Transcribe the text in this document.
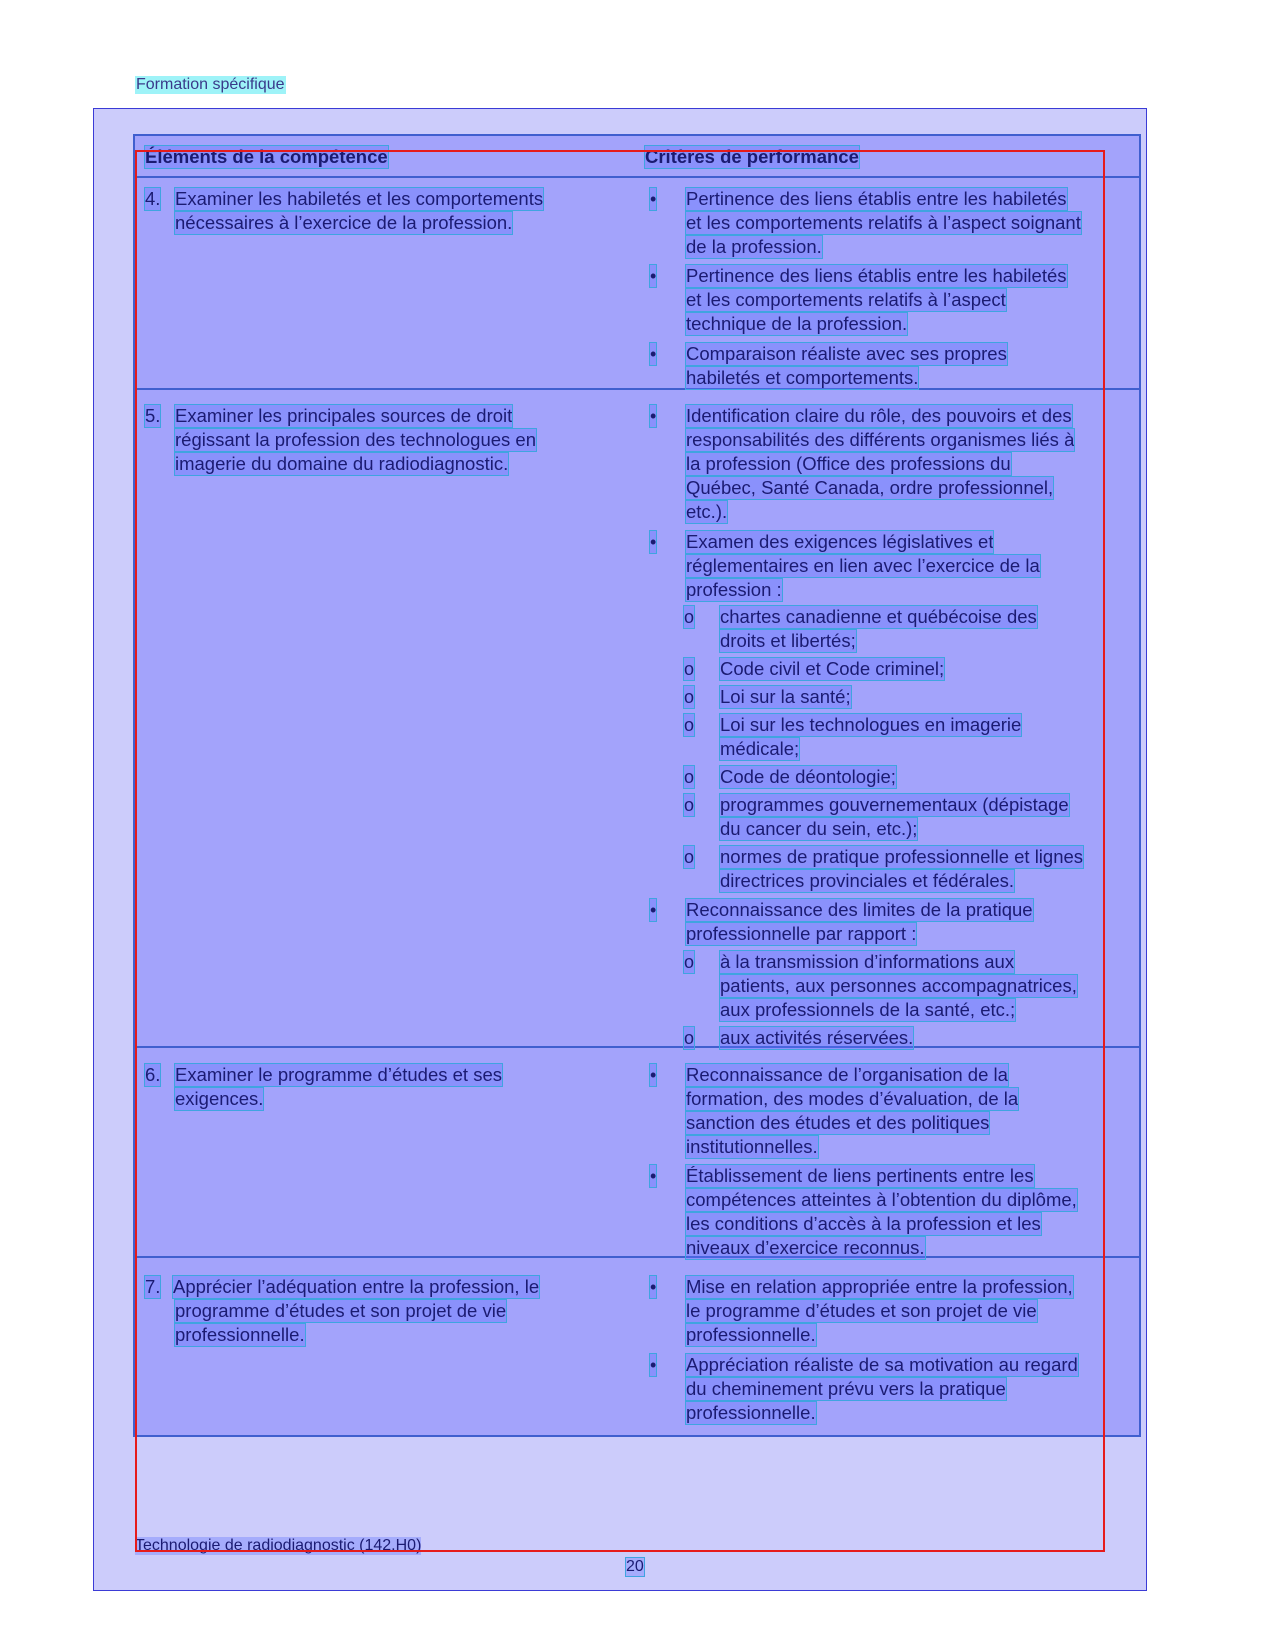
Formation spécifique
Éléments de la compétence	Critères de performance
4. Examiner les habiletés et les comportements
nécessaires à l’exercice de la profession.
• Pertinence des liens établis entre les habiletés
et les comportements relatifs à l’aspect soignant
de la profession.
• Pertinence des liens établis entre les habiletés
et les comportements relatifs à l’aspect
technique de la profession.
• Comparaison réaliste avec ses propres
habiletés et comportements.
5. Examiner les principales sources de droit
régissant la profession des technologues en
imagerie du domaine du radiodiagnostic.
• Identification claire du rôle, des pouvoirs et des
responsabilités des différents organismes liés à
la profession (Office des professions du
Québec, Santé Canada, ordre professionnel,
etc.).
• Examen des exigences législatives et
réglementaires en lien avec l’exercice de la
profession :
o chartes canadienne et québécoise des
droits et libertés;
o Code civil et Code criminel;
o Loi sur la santé;
o Loi sur les technologues en imagerie
médicale;
o Code de déontologie;
o programmes gouvernementaux (dépistage
du cancer du sein, etc.);
o normes de pratique professionnelle et lignes
directrices provinciales et fédérales.
• Reconnaissance des limites de la pratique
professionnelle par rapport :
o à la transmission d’informations aux
patients, aux personnes accompagnatrices,
aux professionnels de la santé, etc.;
o aux activités réservées.
6. Examiner le programme d’études et ses
exigences.
• Reconnaissance de l’organisation de la
formation, des modes d’évaluation, de la
sanction des études et des politiques
institutionnelles.
• Établissement de liens pertinents entre les
compétences atteintes à l’obtention du diplôme,
les conditions d’accès à la profession et les
niveaux d’exercice reconnus.
7. Apprécier l’adéquation entre la profession, le
programme d’études et son projet de vie
professionnelle.
• Mise en relation appropriée entre la profession,
le programme d’études et son projet de vie
professionnelle.
• Appréciation réaliste de sa motivation au regard
du cheminement prévu vers la pratique
professionnelle.
Technologie de radiodiagnostic (142.H0)
20
